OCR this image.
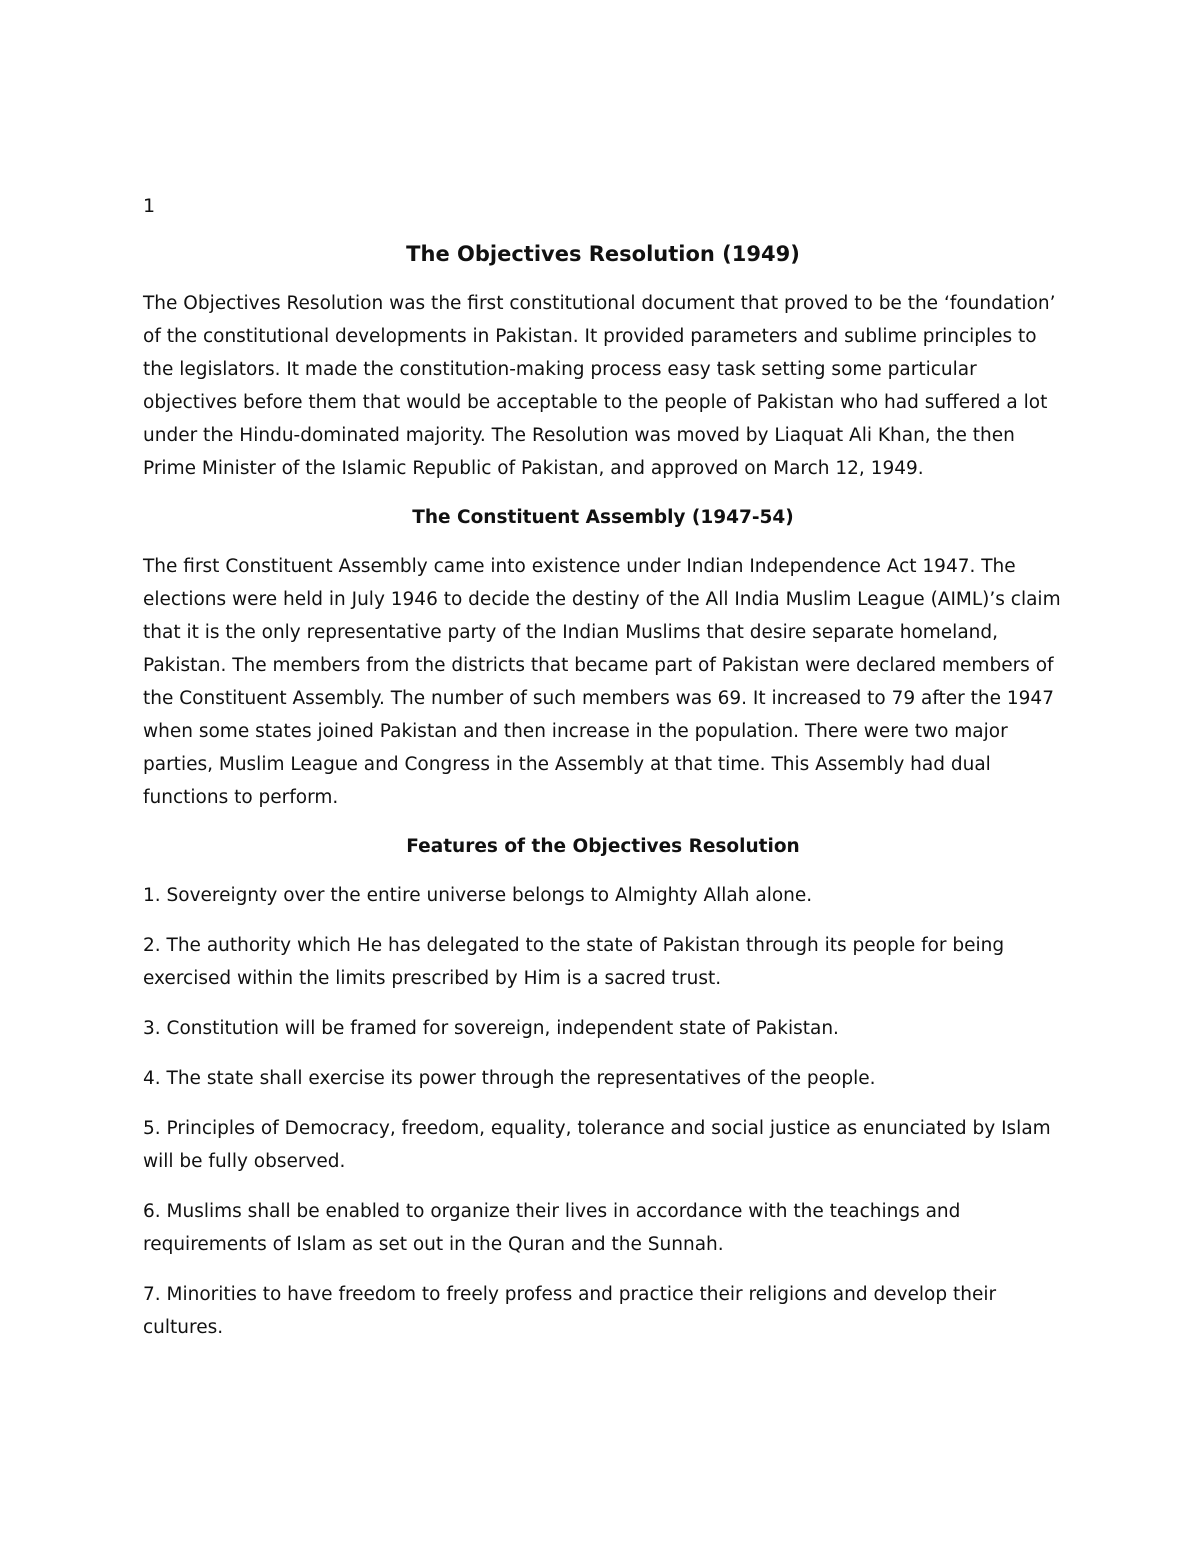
1
The Objectives Resolution (1949)

The Objectives Resolution was the first constitutional document that proved to be the ‘foundation’ of the constitutional developments in Pakistan. It provided parameters and sublime principles to the legislators. It made the constitution-making process easy task setting some particular objectives before them that would be acceptable to the people of Pakistan who had suffered a lot under the Hindu-dominated majority. The Resolution was moved by Liaquat Ali Khan, the then Prime Minister of the Islamic Republic of Pakistan, and approved on March 12, 1949.

The Constituent Assembly (1947-54)

The first Constituent Assembly came into existence under Indian Independence Act 1947. The elections were held in July 1946 to decide the destiny of the All India Muslim League (AIML)’s claim that it is the only representative party of the Indian Muslims that desire separate homeland, Pakistan. The members from the districts that became part of Pakistan were declared members of the Constituent Assembly. The number of such members was 69. It increased to 79 after the 1947 when some states joined Pakistan and then increase in the population. There were two major parties, Muslim League and Congress in the Assembly at that time. This Assembly had dual functions to perform.

Features of the Objectives Resolution
1. Sovereignty over the entire universe belongs to Almighty Allah alone.
2. The authority which He has delegated to the state of Pakistan through its people for being exercised within the limits prescribed by Him is a sacred trust.
3. Constitution will be framed for sovereign, independent state of Pakistan.
4. The state shall exercise its power through the representatives of the people.
5. Principles of Democracy, freedom, equality, tolerance and social justice as enunciated by Islam will be fully observed.
6. Muslims shall be enabled to organize their lives in accordance with the teachings and requirements of Islam as set out in the Quran and the Sunnah.
7. Minorities to have freedom to freely profess and practice their religions and develop their cultures.
